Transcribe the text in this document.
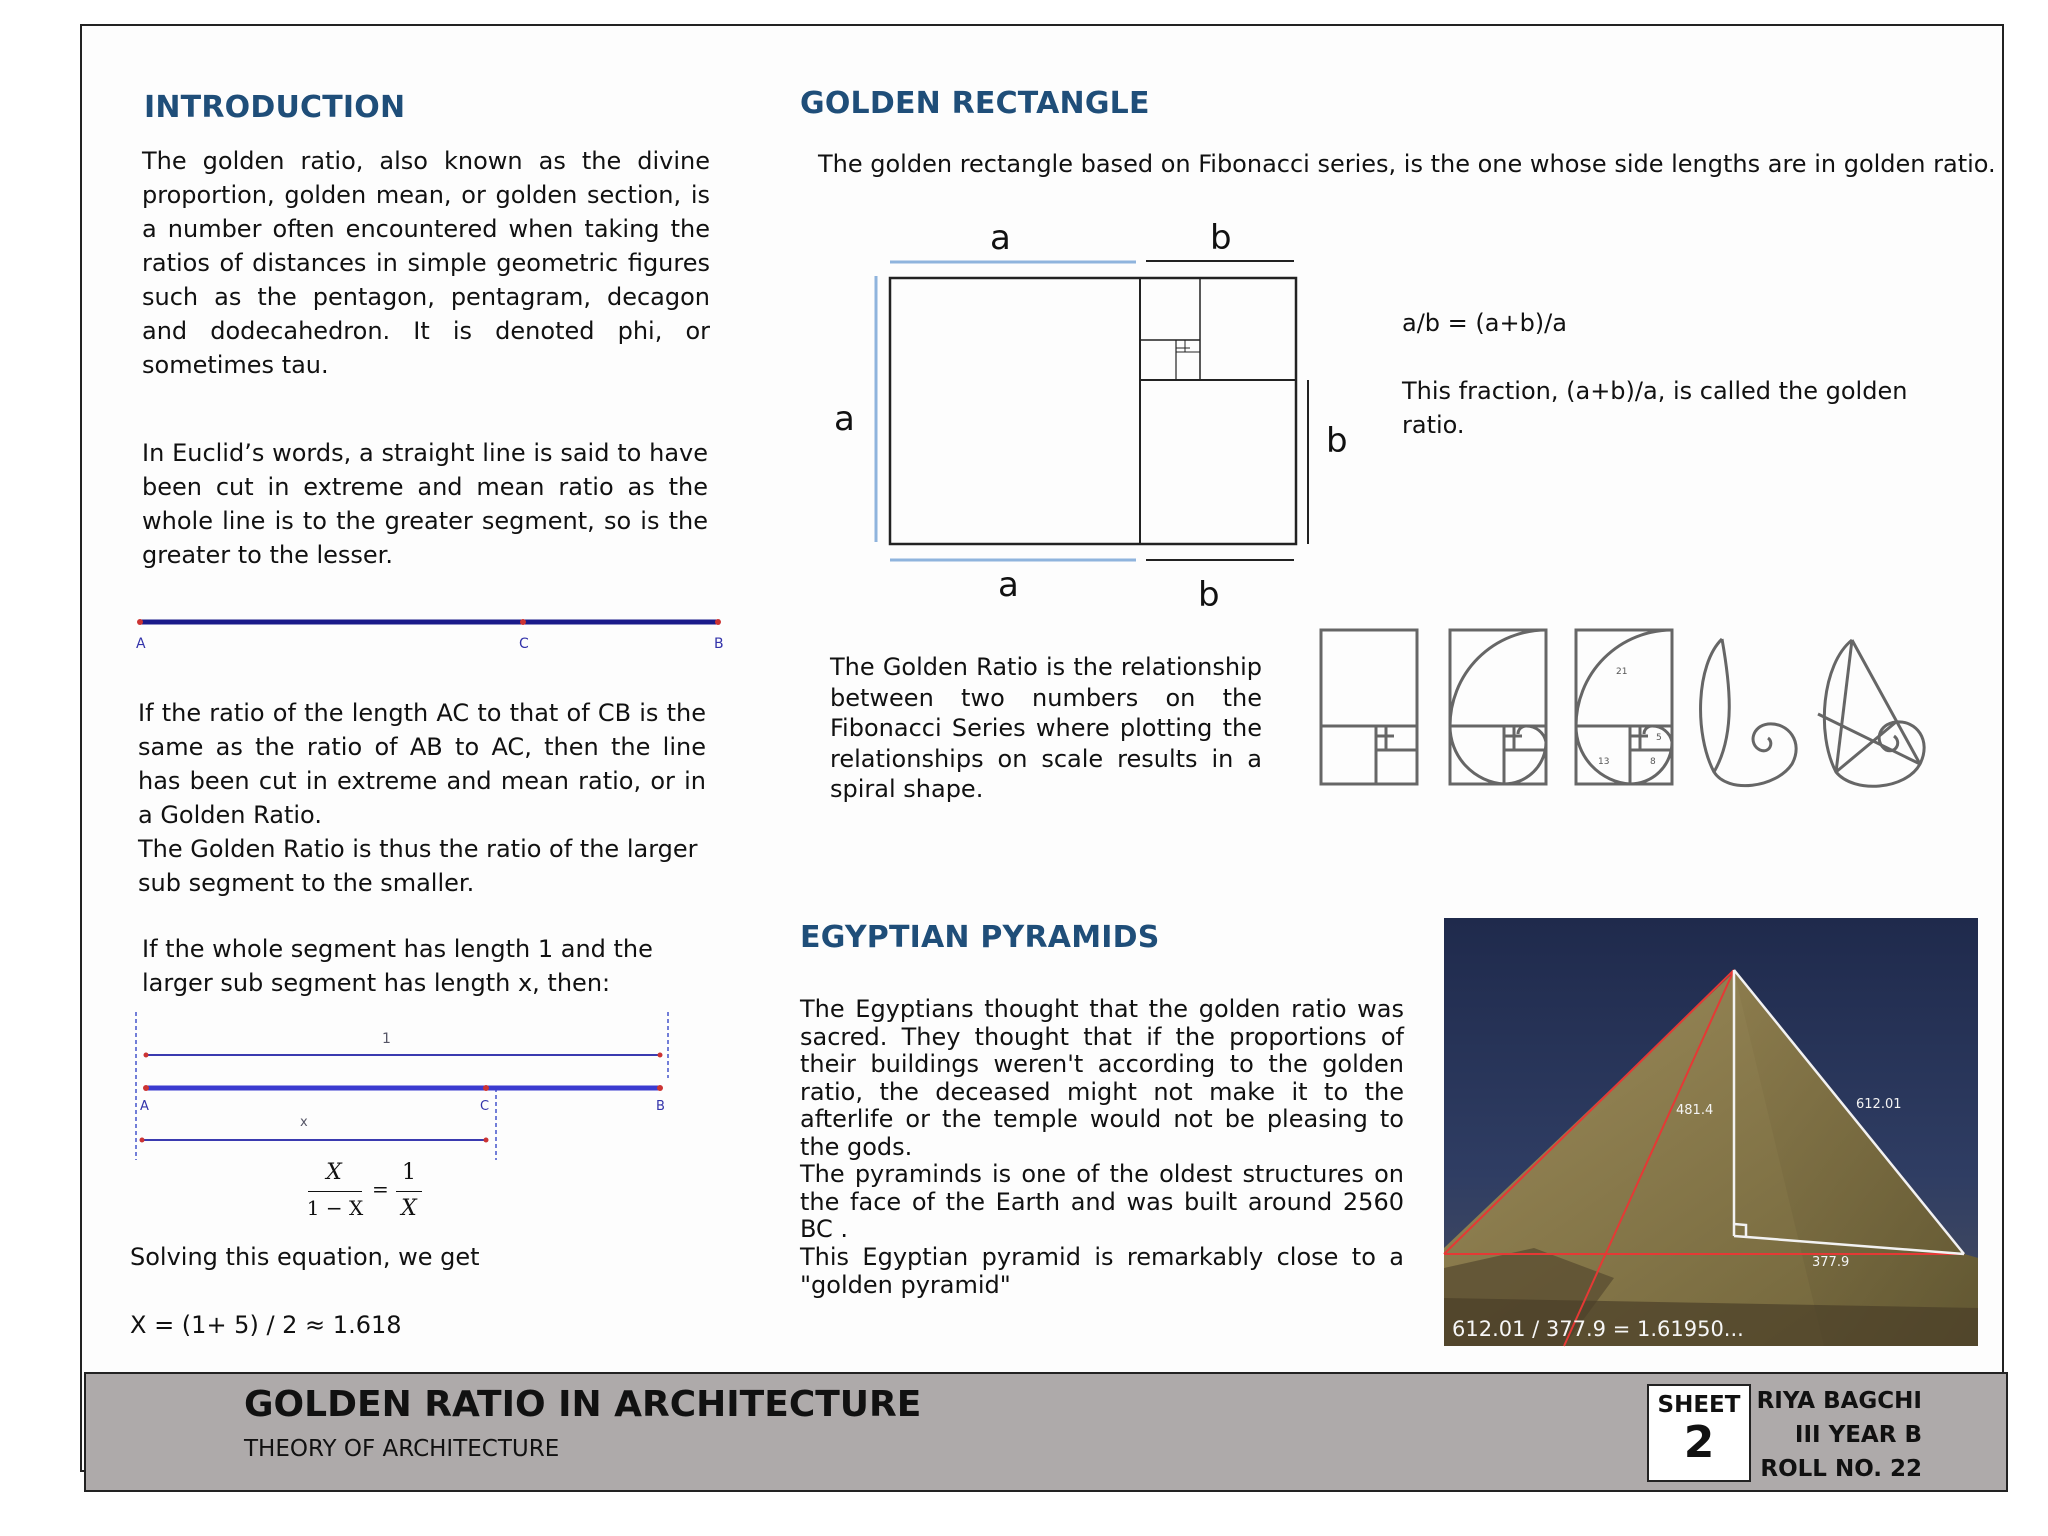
INTRODUCTION

The golden ratio, also known as the divine proportion, golden mean, or golden section, is a number often encountered when taking the ratios of distances in simple geometric figures such as the pentagon, pentagram, decagon and dodecahedron. It is denoted phi, or sometimes tau.

In Euclid’s words, a straight line is said to have been cut in extreme and mean ratio as the whole line is to the greater segment, so is the greater to the lesser.

A	C	B

If the ratio of the length AC to that of CB is the same as the ratio of AB to AC, then the line has been cut in extreme and mean ratio, or in a Golden Ratio.

The Golden Ratio is thus the ratio of the larger sub segment to the smaller.

If the whole segment has length 1 and the larger sub segment has length x, then:

1
A	C	B
x
X
1 − X
=
1
X

Solving this equation, we get

X = (1+ 5) / 2 ≈ 1.618

GOLDEN RECTANGLE

The golden rectangle based on Fibonacci series, is the one whose side lengths are in golden ratio.

a	b
a
b
a	b

a/b = (a+b)/a

This fraction, (a+b)/a, is called the golden ratio.

The Golden Ratio is the relationship between two numbers on the Fibonacci Series where plotting the relationships on scale results in a spiral shape.

21
13
5
8
EGYPTIAN PYRAMIDS

The Egyptians thought that the golden ratio was sacred. They thought that if the proportions of their buildings weren't according to the golden ratio, the deceased might not make it to the afterlife or the temple would not be pleasing to the gods.

The pyraminds is one of the oldest structures on the face of the Earth and was built around 2560 BC .

This Egyptian pyramid is remarkably close to a "golden pyramid"

481.4	612.01
377.9
612.01 / 377.9 = 1.61950...
GOLDEN RATIO IN ARCHITECTURE
THEORY OF ARCHITECTURE
SHEET
2
RIYA BAGCHI
III YEAR B
ROLL NO. 22
